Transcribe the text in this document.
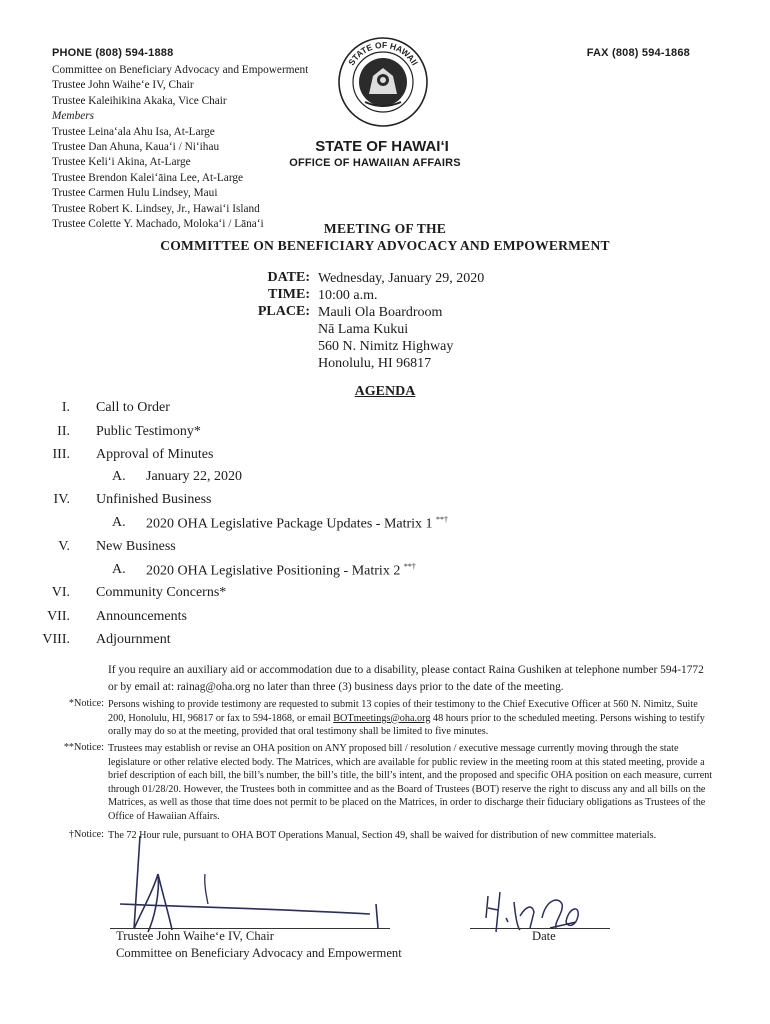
PHONE (808) 594-1888	FAX (808) 594-1868
Committee on Beneficiary Advocacy and Empowerment
Trustee John Waihe‘e IV, Chair
Trustee Kaleihikina Akaka, Vice Chair
Members
Trustee Leina‘ala Ahu Isa, At-Large
Trustee Dan Ahuna, Kaua‘i / Ni‘ihau
Trustee Keli‘i Akina, At-Large
Trustee Brendon Kalei‘āina Lee, At-Large
Trustee Carmen Hulu Lindsey, Maui
Trustee Robert K. Lindsey, Jr., Hawai‘i Island
Trustee Colette Y. Machado, Moloka‘i / Lāna‘i
STATE OF HAWAII
STATE OF HAWAI‘I
OFFICE OF HAWAIIAN AFFAIRS
MEETING OF THE
COMMITTEE ON BENEFICIARY ADVOCACY AND EMPOWERMENT
DATE: Wednesday, January 29, 2020
TIME: 10:00 a.m.
PLACE: Mauli Ola Boardroom
Nā Lama Kukui
560 N. Nimitz Highway
Honolulu, HI 96817
AGENDA
I. Call to Order
II. Public Testimony*
III. Approval of Minutes
A. January 22, 2020
IV. Unfinished Business
A. 2020 OHA Legislative Package Updates - Matrix 1 **†
V. New Business
A. 2020 OHA Legislative Positioning - Matrix 2 **†
VI. Community Concerns*
VII. Announcements
VIII. Adjournment
If you require an auxiliary aid or accommodation due to a disability, please contact Raina Gushiken at telephone number 594-1772 or by email at: rainag@oha.org no later than three (3) business days prior to the date of the meeting.
*Notice: Persons wishing to provide testimony are requested to submit 13 copies of their testimony to the Chief Executive Officer at 560 N. Nimitz, Suite 200, Honolulu, HI, 96817 or fax to 594-1868, or email BOTmeetings@oha.org 48 hours prior to the scheduled meeting. Persons wishing to testify orally may do so at the meeting, provided that oral testimony shall be limited to five minutes.
**Notice: Trustees may establish or revise an OHA position on ANY proposed bill / resolution / executive message currently moving through the state legislature or other relative elected body. The Matrices, which are available for public review in the meeting room at this stated meeting, provide a brief description of each bill, the bill’s number, the bill’s title, the bill’s intent, and the proposed and specific OHA position on each measure, current through 01/28/20. However, the Trustees both in committee and as the Board of Trustees (BOT) reserve the right to discuss any and all bills on the Matrices, as well as those that time does not permit to be placed on the Matrices, in order to discharge their fiduciary obligations as Trustees of the Office of Hawaiian Affairs.
†Notice: The 72 Hour rule, pursuant to OHA BOT Operations Manual, Section 49, shall be waived for distribution of new committee materials.
Trustee John Waihe‘e IV, Chair
Committee on Beneficiary Advocacy and Empowerment
Date
